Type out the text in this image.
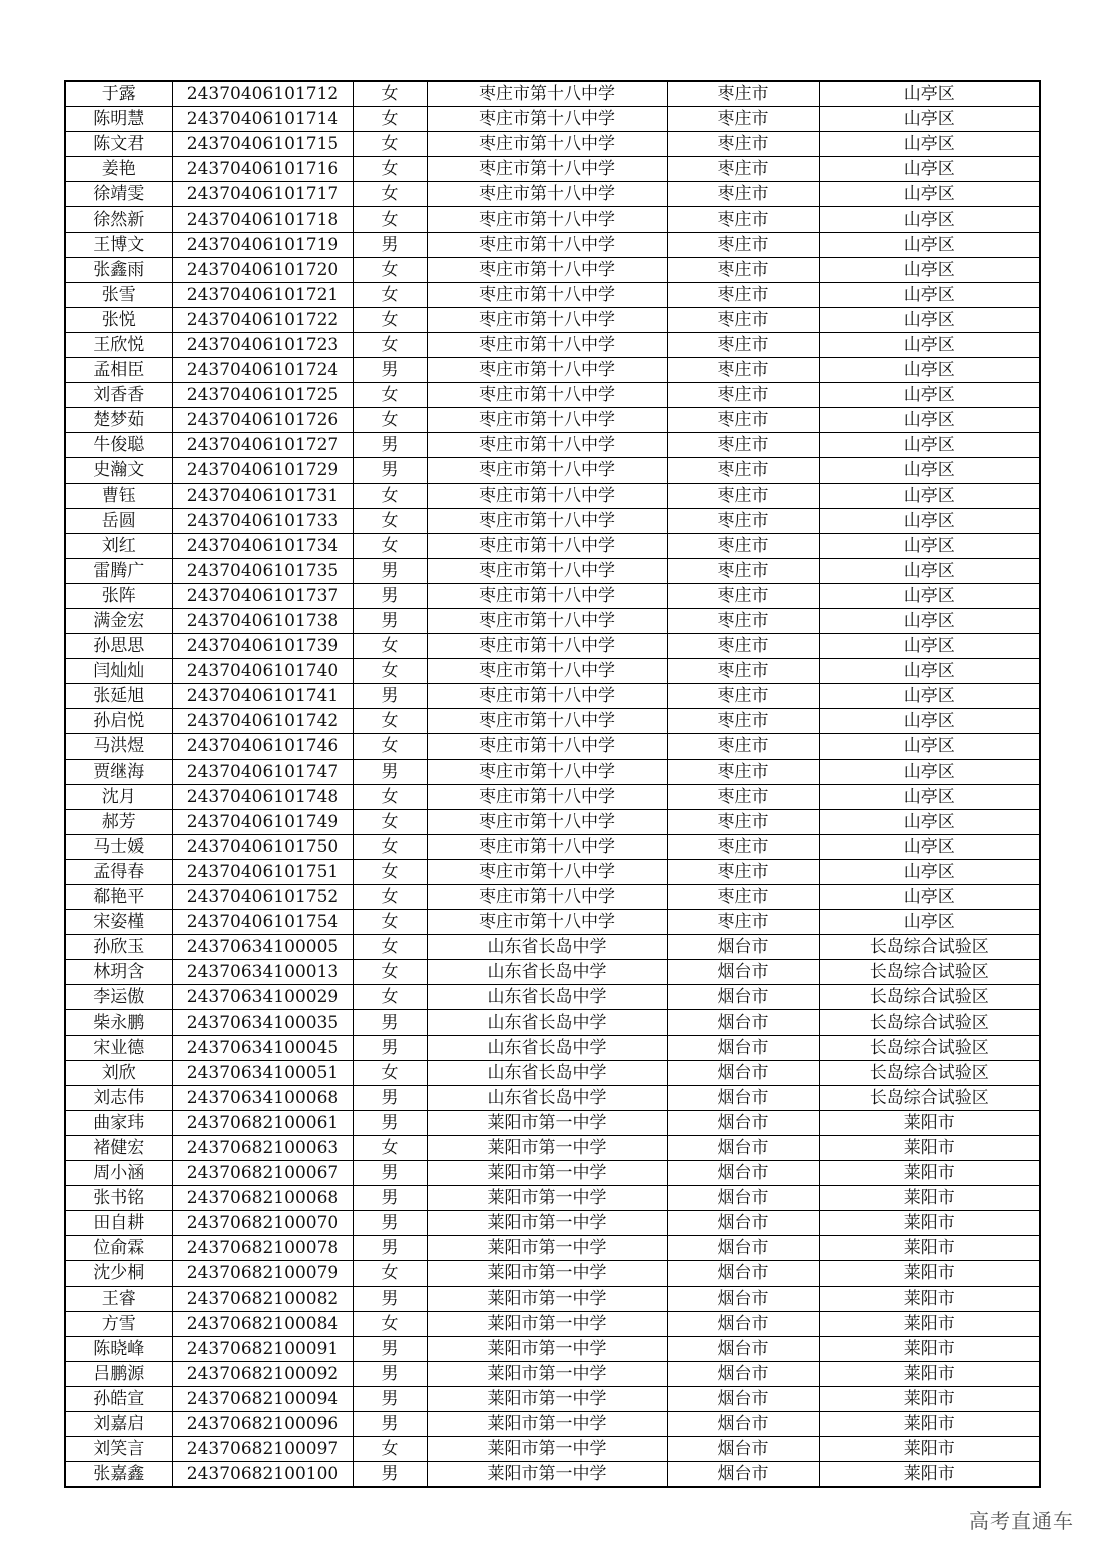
于露	24370406101712	女	枣庄市第十八中学	枣庄市	山亭区
陈明慧	24370406101714	女	枣庄市第十八中学	枣庄市	山亭区
陈文君	24370406101715	女	枣庄市第十八中学	枣庄市	山亭区
姜艳	24370406101716	女	枣庄市第十八中学	枣庄市	山亭区
徐靖雯	24370406101717	女	枣庄市第十八中学	枣庄市	山亭区
徐然新	24370406101718	女	枣庄市第十八中学	枣庄市	山亭区
王博文	24370406101719	男	枣庄市第十八中学	枣庄市	山亭区
张鑫雨	24370406101720	女	枣庄市第十八中学	枣庄市	山亭区
张雪	24370406101721	女	枣庄市第十八中学	枣庄市	山亭区
张悦	24370406101722	女	枣庄市第十八中学	枣庄市	山亭区
王欣悦	24370406101723	女	枣庄市第十八中学	枣庄市	山亭区
孟相臣	24370406101724	男	枣庄市第十八中学	枣庄市	山亭区
刘香香	24370406101725	女	枣庄市第十八中学	枣庄市	山亭区
楚梦茹	24370406101726	女	枣庄市第十八中学	枣庄市	山亭区
牛俊聪	24370406101727	男	枣庄市第十八中学	枣庄市	山亭区
史瀚文	24370406101729	男	枣庄市第十八中学	枣庄市	山亭区
曹钰	24370406101731	女	枣庄市第十八中学	枣庄市	山亭区
岳圆	24370406101733	女	枣庄市第十八中学	枣庄市	山亭区
刘红	24370406101734	女	枣庄市第十八中学	枣庄市	山亭区
雷腾广	24370406101735	男	枣庄市第十八中学	枣庄市	山亭区
张阵	24370406101737	男	枣庄市第十八中学	枣庄市	山亭区
满金宏	24370406101738	男	枣庄市第十八中学	枣庄市	山亭区
孙思思	24370406101739	女	枣庄市第十八中学	枣庄市	山亭区
闫灿灿	24370406101740	女	枣庄市第十八中学	枣庄市	山亭区
张延旭	24370406101741	男	枣庄市第十八中学	枣庄市	山亭区
孙启悦	24370406101742	女	枣庄市第十八中学	枣庄市	山亭区
马洪煜	24370406101746	女	枣庄市第十八中学	枣庄市	山亭区
贾继海	24370406101747	男	枣庄市第十八中学	枣庄市	山亭区
沈月	24370406101748	女	枣庄市第十八中学	枣庄市	山亭区
郝芳	24370406101749	女	枣庄市第十八中学	枣庄市	山亭区
马士媛	24370406101750	女	枣庄市第十八中学	枣庄市	山亭区
孟得春	24370406101751	女	枣庄市第十八中学	枣庄市	山亭区
郗艳平	24370406101752	女	枣庄市第十八中学	枣庄市	山亭区
宋姿槿	24370406101754	女	枣庄市第十八中学	枣庄市	山亭区
孙欣玉	24370634100005	女	山东省长岛中学	烟台市	长岛综合试验区
林玥含	24370634100013	女	山东省长岛中学	烟台市	长岛综合试验区
李运傲	24370634100029	女	山东省长岛中学	烟台市	长岛综合试验区
柴永鹏	24370634100035	男	山东省长岛中学	烟台市	长岛综合试验区
宋业德	24370634100045	男	山东省长岛中学	烟台市	长岛综合试验区
刘欣	24370634100051	女	山东省长岛中学	烟台市	长岛综合试验区
刘志伟	24370634100068	男	山东省长岛中学	烟台市	长岛综合试验区
曲家玮	24370682100061	男	莱阳市第一中学	烟台市	莱阳市
褚健宏	24370682100063	女	莱阳市第一中学	烟台市	莱阳市
周小涵	24370682100067	男	莱阳市第一中学	烟台市	莱阳市
张书铭	24370682100068	男	莱阳市第一中学	烟台市	莱阳市
田自耕	24370682100070	男	莱阳市第一中学	烟台市	莱阳市
位俞霖	24370682100078	男	莱阳市第一中学	烟台市	莱阳市
沈少桐	24370682100079	女	莱阳市第一中学	烟台市	莱阳市
王睿	24370682100082	男	莱阳市第一中学	烟台市	莱阳市
方雪	24370682100084	女	莱阳市第一中学	烟台市	莱阳市
陈晓峰	24370682100091	男	莱阳市第一中学	烟台市	莱阳市
吕鹏源	24370682100092	男	莱阳市第一中学	烟台市	莱阳市
孙皓宣	24370682100094	男	莱阳市第一中学	烟台市	莱阳市
刘嘉启	24370682100096	男	莱阳市第一中学	烟台市	莱阳市
刘笑言	24370682100097	女	莱阳市第一中学	烟台市	莱阳市
张嘉鑫	24370682100100	男	莱阳市第一中学	烟台市	莱阳市
高考直通车
